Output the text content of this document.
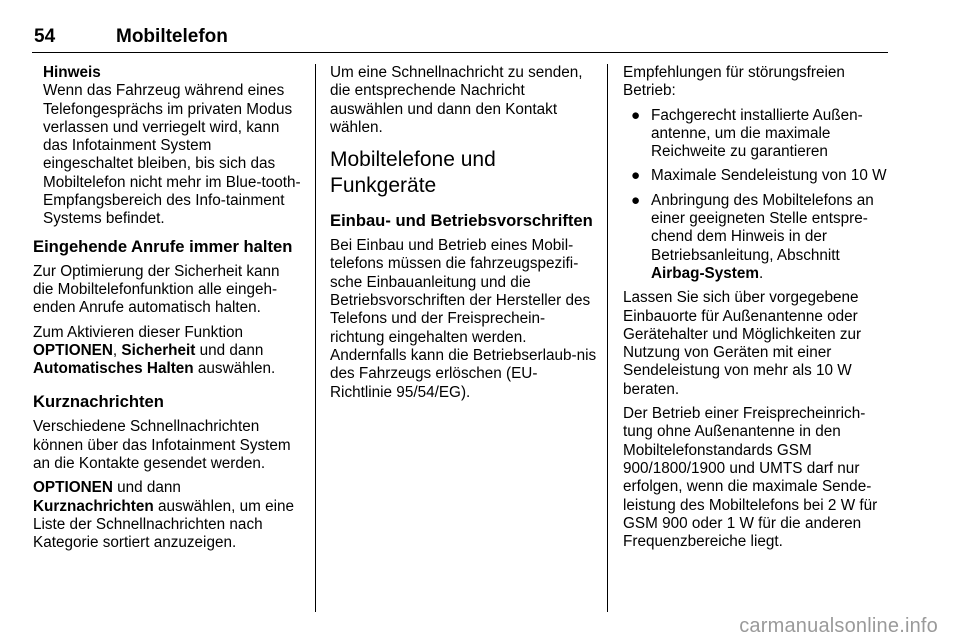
54	Mobiltelefon
Hinweis
Wenn das Fahrzeug während eines Telefongesprächs im privaten Modus verlassen und verriegelt wird, kann das Infotainment System eingeschaltet bleiben, bis sich das Mobiltelefon nicht mehr im Blue‐tooth-Empfangsbereich des Info‐tainment Systems befindet.
Eingehende Anrufe immer halten

Zur Optimierung der Sicherheit kann die Mobiltelefonfunktion alle eingeh‐enden Anrufe automatisch halten.

Zum Aktivieren dieser Funktion
OPTIONEN, Sicherheit und dann
Automatisches Halten auswählen.

Kurznachrichten

Verschiedene Schnellnachrichten können über das Infotainment System an die Kontakte gesendet werden.

OPTIONEN und dann
Kurznachrichten auswählen, um eine Liste der Schnellnachrichten nach Kategorie sortiert anzuzeigen.

Um eine Schnellnachricht zu senden, die entsprechende Nachricht auswählen und dann den Kontakt wählen.

Mobiltelefone und Funkgeräte
Einbau- und Betriebsvorschriften

Bei Einbau und Betrieb eines Mobil‐telefons müssen die fahrzeugspezifi‐sche Einbauanleitung und die Betriebsvorschriften der Hersteller des Telefons und der Freisprechein‐richtung eingehalten werden. Andernfalls kann die Betriebserlaub‐nis des Fahrzeugs erlöschen (EU-Richtlinie 95/54/EG).

Empfehlungen für störungsfreien Betrieb:

● Fachgerecht installierte Außen‐antenne, um die maximale Reichweite zu garantieren
● Maximale Sendeleistung von 10 W
● Anbringung des Mobiltelefons an einer geeigneten Stelle entspre‐chend dem Hinweis in der Betriebsanleitung, Abschnitt
Airbag-System.

Lassen Sie sich über vorgegebene Einbauorte für Außenantenne oder Gerätehalter und Möglichkeiten zur Nutzung von Geräten mit einer Sendeleistung von mehr als 10 W beraten.

Der Betrieb einer Freisprecheinrich‐tung ohne Außenantenne in den Mobiltelefonstandards GSM 900/1800/1900 und UMTS darf nur erfolgen, wenn die maximale Sende‐leistung des Mobiltelefons bei 2 W für GSM 900 oder 1 W für die anderen Frequenzbereiche liegt.

carmanualsonline.info
